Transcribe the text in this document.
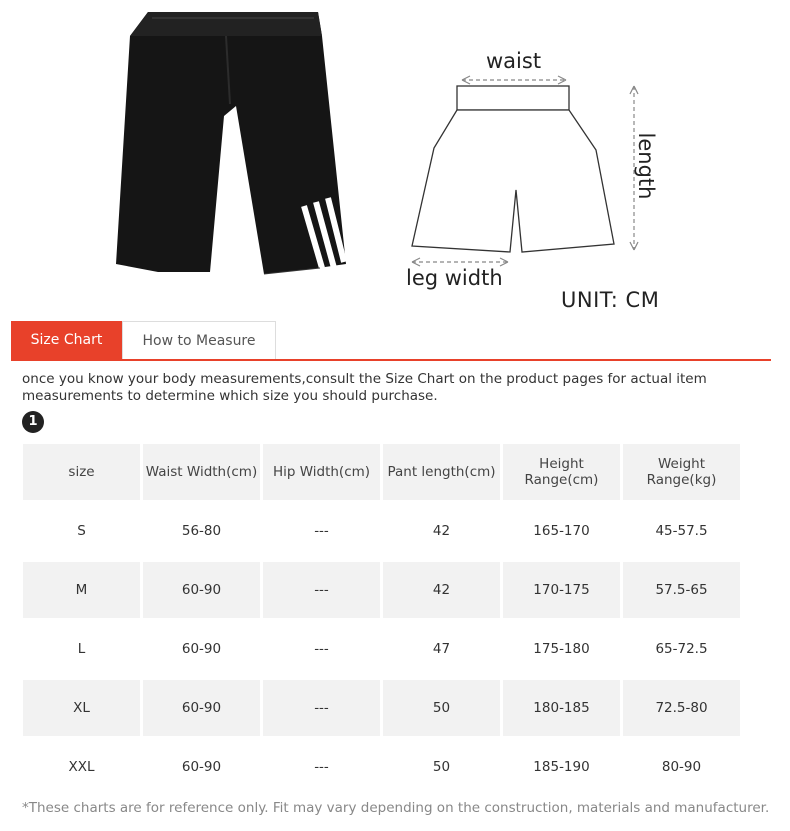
waist
length
leg width
UNIT: CM
Size Chart	How to Measure
once you know your body measurements,consult the Size Chart on the product pages for actual item measurements to determine which size you should purchase.
1
size	Waist Width(cm)	Hip Width(cm)	Pant length(cm)	Height Range(cm)	Weight Range(kg)
S	56-80	---	42	165-170	45-57.5
M	60-90	---	42	170-175	57.5-65
L	60-90	---	47	175-180	65-72.5
XL	60-90	---	50	180-185	72.5-80
XXL	60-90	---	50	185-190	80-90
*These charts are for reference only. Fit may vary depending on the construction, materials and manufacturer.
